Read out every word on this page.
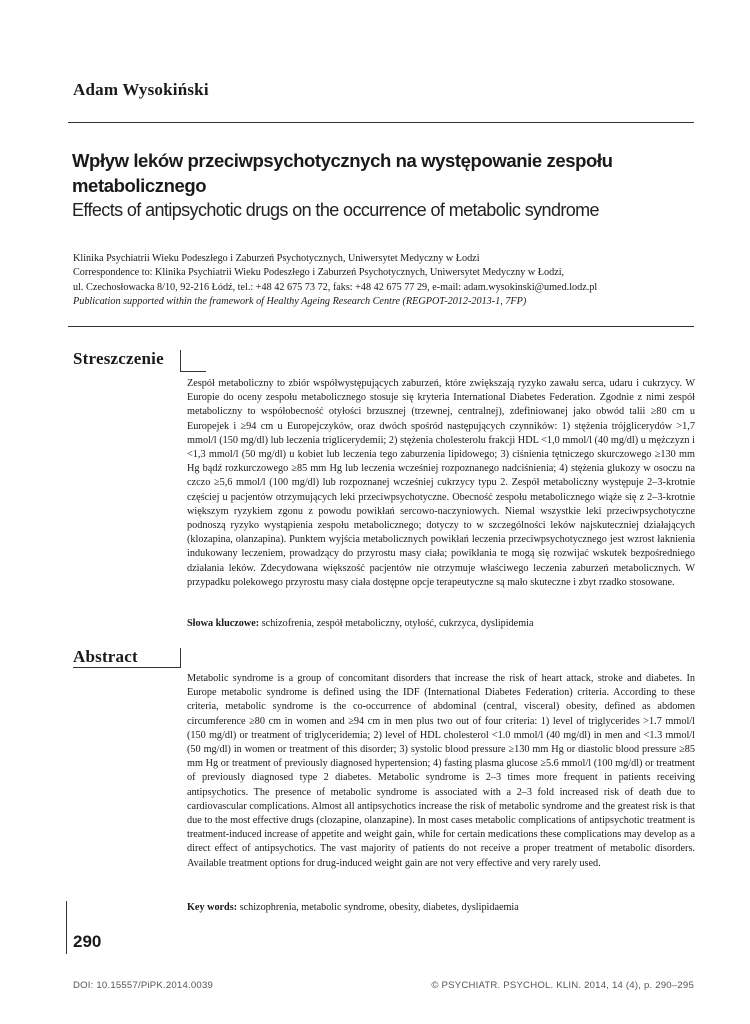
Adam Wysokiński
Wpływ leków przeciwpsychotycznych na występowanie zespołu metabolicznego
Effects of antipsychotic drugs on the occurrence of metabolic syndrome
Klinika Psychiatrii Wieku Podeszłego i Zaburzeń Psychotycznych, Uniwersytet Medyczny w Łodzi
Correspondence to: Klinika Psychiatrii Wieku Podeszłego i Zaburzeń Psychotycznych, Uniwersytet Medyczny w Łodzi,
ul. Czechosłowacka 8/10, 92-216 Łódź, tel.: +48 42 675 73 72, faks: +48 42 675 77 29, e-mail: adam.wysokinski@umed.lodz.pl
Publication supported within the framework of Healthy Ageing Research Centre (REGPOT-2012-2013-1, 7FP)
Streszczenie
Zespół metaboliczny to zbiór współwystępujących zaburzeń, które zwiększają ryzyko zawału serca, udaru i cukrzycy. W Europie do oceny zespołu metabolicznego stosuje się kryteria International Diabetes Federation. Zgodnie z nimi zespół metaboliczny to współobecność otyłości brzusznej (trzewnej, centralnej), zdefiniowanej jako obwód talii ≥80 cm u Europejek i ≥94 cm u Europejczyków, oraz dwóch spośród następujących czynników: 1) stężenia trójglicerydów >1,7 mmol/l (150 mg/dl) lub leczenia triglicerydemii; 2) stężenia cholesterolu frakcji HDL <1,0 mmol/l (40 mg/dl) u mężczyzn i <1,3 mmol/l (50 mg/dl) u kobiet lub leczenia tego zaburzenia lipidowego; 3) ciśnienia tętniczego skurczowego ≥130 mm Hg bądź rozkurczowego ≥85 mm Hg lub leczenia wcześniej rozpoznanego nadciśnienia; 4) stężenia glukozy w osoczu na czczo ≥5,6 mmol/l (100 mg/dl) lub rozpoznanej wcześniej cukrzycy typu 2. Zespół metaboliczny występuje 2–3-krotnie częściej u pacjentów otrzymujących leki przeciwpsychotyczne. Obecność zespołu metabolicznego wiąże się z 2–3-krotnie większym ryzykiem zgonu z powodu powikłań sercowo-naczyniowych. Niemal wszystkie leki przeciwpsychotyczne podnoszą ryzyko wystąpienia zespołu metabolicznego; dotyczy to w szczególności leków najskuteczniej działających (klozapina, olanzapina). Punktem wyjścia metabolicznych powikłań leczenia przeciwpsychotycznego jest wzrost łaknienia indukowany leczeniem, prowadzący do przyrostu masy ciała; powikłania te mogą się rozwijać wskutek bezpośredniego działania leków. Zdecydowana większość pacjentów nie otrzymuje właściwego leczenia zaburzeń metabolicznych. W przypadku polekowego przyrostu masy ciała dostępne opcje terapeutyczne są mało skuteczne i zbyt rzadko stosowane.
Słowa kluczowe: schizofrenia, zespół metaboliczny, otyłość, cukrzyca, dyslipidemia
Abstract
Metabolic syndrome is a group of concomitant disorders that increase the risk of heart attack, stroke and diabetes. In Europe metabolic syndrome is defined using the IDF (International Diabetes Federation) criteria. According to these criteria, metabolic syndrome is the co-occurrence of abdominal (central, visceral) obesity, defined as abdomen circumference ≥80 cm in women and ≥94 cm in men plus two out of four criteria: 1) level of triglycerides >1.7 mmol/l (150 mg/dl) or treatment of triglyceridemia; 2) level of HDL cholesterol <1.0 mmol/l (40 mg/dl) in men and <1.3 mmol/l (50 mg/dl) in women or treatment of this disorder; 3) systolic blood pressure ≥130 mm Hg or diastolic blood pressure ≥85 mm Hg or treatment of previously diagnosed hypertension; 4) fasting plasma glucose ≥5.6 mmol/l (100 mg/dl) or treatment of previously diagnosed type 2 diabetes. Metabolic syndrome is 2–3 times more frequent in patients receiving antipsychotics. The presence of metabolic syndrome is associated with a 2–3 fold increased risk of death due to cardiovascular complications. Almost all antipsychotics increase the risk of metabolic syndrome and the greatest risk is that due to the most effective drugs (clozapine, olanzapine). In most cases metabolic complications of antipsychotic treatment is treatment-induced increase of appetite and weight gain, while for certain medications these complications may develop as a direct effect of antipsychotics. The vast majority of patients do not receive a proper treatment of metabolic disorders. Available treatment options for drug-induced weight gain are not very effective and very rarely used.
Key words: schizophrenia, metabolic syndrome, obesity, diabetes, dyslipidaemia
290
DOI: 10.15557/PiPK.2014.0039	© PSYCHIATR. PSYCHOL. KLIN. 2014, 14 (4), p. 290–295
